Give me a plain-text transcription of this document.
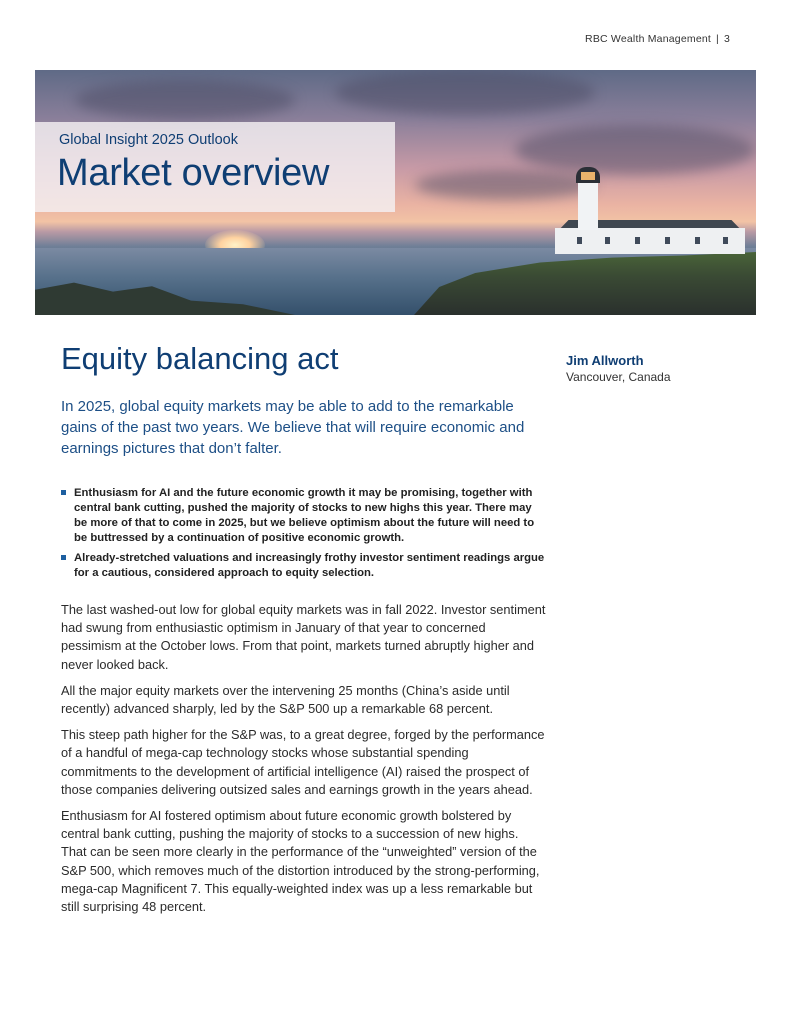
RBC Wealth Management | 3
Global Insight 2025 Outlook
Market overview
Equity balancing act	Jim Allworth
Vancouver, Canada

In 2025, global equity markets may be able to add to the remarkable gains of the past two years. We believe that will require economic and earnings pictures that don’t falter.

Enthusiasm for AI and the future economic growth it may be promising, together with central bank cutting, pushed the majority of stocks to new highs this year. There may be more of that to come in 2025, but we believe optimism about the future will need to be buttressed by a continuation of positive economic growth.
Already-stretched valuations and increasingly frothy investor sentiment readings argue for a cautious, considered approach to equity selection.

The last washed-out low for global equity markets was in fall 2022. Investor sentiment had swung from enthusiastic optimism in January of that year to concerned pessimism at the October lows. From that point, markets turned abruptly higher and never looked back.

All the major equity markets over the intervening 25 months (China’s aside until recently) advanced sharply, led by the S&P 500 up a remarkable 68 percent.

This steep path higher for the S&P was, to a great degree, forged by the performance of a handful of mega-cap technology stocks whose substantial spending commitments to the development of artificial intelligence (AI) raised the prospect of those companies delivering outsized sales and earnings growth in the years ahead.

Enthusiasm for AI fostered optimism about future economic growth bolstered by central bank cutting, pushing the majority of stocks to a succession of new highs. That can be seen more clearly in the performance of the “unweighted” version of the S&P 500, which removes much of the distortion introduced by the strong-performing, mega-cap Magnificent 7. This equally-weighted index was up a less remarkable but still surprising 48 percent.
